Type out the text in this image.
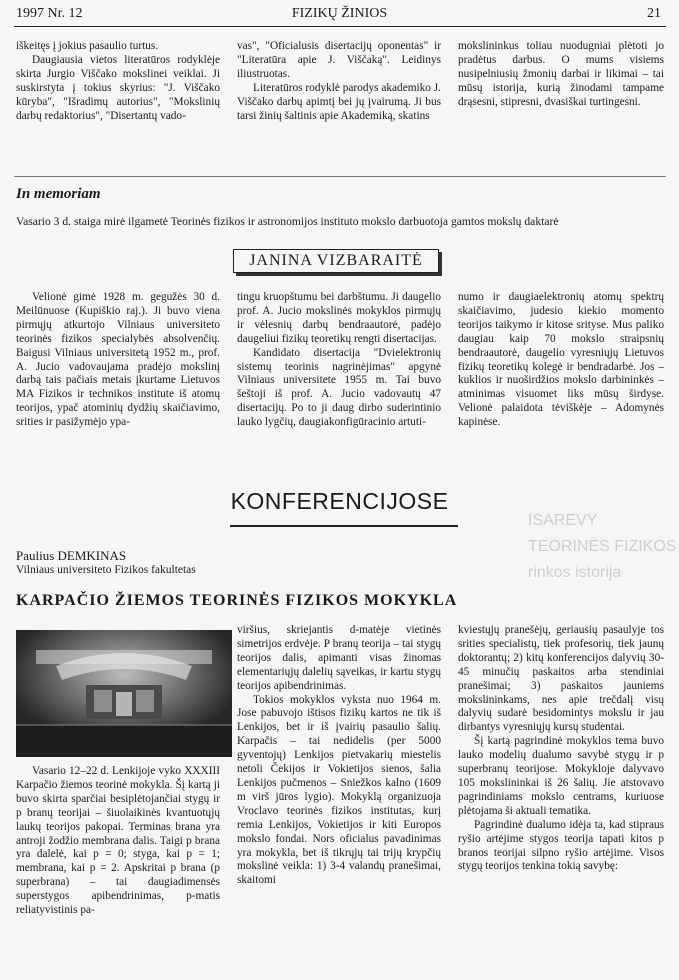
1997 Nr. 12	FIZIKŲ ŽINIOS	21

iškeitęs į jokius pasaulio turtus.

Daugiausia vietos literatūros rodyklėje skirta Jurgio Viščako mokslinei veiklai. Ji suskirstyta į tokius skyrius: "J. Viščako kūryba", "Išradimų autorius", "Mokslinių darbų redaktorius", "Disertantų vado-

vas", "Oficialusis disertacijų oponentas" ir "Literatūra apie J. Viščaką". Leidinys iliustruotas.

Literatūros rodyklė parodys akademiko J. Viščako darbų apimtį bei jų įvairumą. Ji bus tarsi žinių šaltinis apie Akademiką, skatins

mokslininkus toliau nuodugniai plėtoti jo pradėtus darbus. O mums visiems nusipelniusių žmonių darbai ir likimai – tai mūsų istorija, kurią žinodami tampame drąsesni, stipresni, dvasiškai turtingesni.

In memoriam
Vasario 3 d. staiga mirė ilgametė Teorinės fizikos ir astronomijos instituto mokslo darbuotoja gamtos mokslų daktarė
JANINA VIZBARAITĖ

Velionė gimė 1928 m. gegužės 30 d. Meilūnuose (Kupiškio raj.). Ji buvo viena pirmųjų atkurtojo Vilniaus universiteto teorinės fizikos specialybės absolvenčių. Baigusi Vilniaus universitetą 1952 m., prof. A. Jucio vadovaujama pradėjo mokslinį darbą tais pačiais metais įkurtame Lietuvos MA Fizikos ir technikos institute iš atomų teorijos, ypač atominių dydžių skaičiavimo, srities ir pasižymėjo ypa-

tingu kruopštumu bei darbštumu. Ji daugelio prof. A. Jucio mokslinės mokyklos pirmųjų ir vėlesnių darbų bendraautorė, padėjo daugeliui fizikų teoretikų rengti disertacijas.

Kandidato disertacija "Dvielektronių sistemų teorinis nagrinėjimas" apgynė Vilniaus universitete 1955 m. Tai buvo šeštoji iš prof. A. Jucio vadovautų 47 disertacijų. Po to ji daug dirbo suderintinio lauko lygčių, daugiakonfigūracinio artuti-

numo ir daugiaelektronių atomų spektrų skaičiavimo, judesio kiekio momento teorijos taikymo ir kitose srityse. Mus paliko daugiau kaip 70 mokslo straipsnių bendraautorė, daugelio vyresniųjų Lietuvos fizikų teoretikų kolegė ir bendradarbė. Jos – kuklios ir nuoširdžios mokslo darbininkės – atminimas visuomet liks mūsų širdyse. Velionė palaidota tėviškėje – Adomynės kapinėse.

KONFERENCIJOSE
ISAREVY
TEORINĖS FIZIKOS
rinkos istorija
Paulius DEMKINAS
Vilniaus universiteto Fizikos fakultetas
KARPAČIO ŽIEMOS TEORINĖS FIZIKOS MOKYKLA

Vasario 12–22 d. Lenkijoje vyko XXXIII Karpačio žiemos teorinė mokykla. Šį kartą ji buvo skirta sparčiai besiplėtojančiai stygų ir p branų teorijai – šiuolaikinės kvantuotųjų laukų teorijos pakopai. Terminas brana yra antroji žodžio membrana dalis. Taigi p brana yra dalelė, kai p = 0; styga, kai p = 1; membrana, kai p = 2. Apskritai p brana (p superbrana) – tai daugiadimensės superstygos apibendrinimas, p-matis reliatyvistinis pa-

viršius, skriejantis d-matėje vietinės simetrijos erdvėje. P branų teorija – tai stygų teorijos dalis, apimanti visas žinomas elementariųjų dalelių sąveikas, ir kartu stygų teorijos apibendrinimas.

Tokios mokyklos vyksta nuo 1964 m. Jose pabuvojo ištisos fizikų kartos ne tik iš Lenkijos, bet ir iš įvairių pasaulio šalių. Karpačis – tai nedidelis (per 5000 gyventojų) Lenkijos pietvakarių miestelis netoli Čekijos ir Vokietijos sienos, šalia Lenkijos pučmenos – Sniežkos kalno (1609 m virš jūros lygio). Mokyklą organizuoja Vroclavo teorinės fizikos institutas, kurį remia Lenkijos, Vokietijos ir kiti Europos mokslo fondai. Nors oficialus pavadinimas yra mokykla, bet iš tikrųjų tai trijų krypčių mokslinė veikla: 1) 3-4 valandų pranešimai, skaitomi

kviestųjų pranešėjų, geriausių pasaulyje tos srities specialistų, tiek profesorių, tiek jaunų doktorantų; 2) kitų konferencijos dalyvių 30-45 minučių paskaitos arba stendiniai pranešimai; 3) paskaitos jauniems mokslininkams, nes apie trečdalį visų dalyvių sudarė besidomintys mokslu ir jau dirbantys vyresniųjų kursų studentai.

Šį kartą pagrindinė mokyklos tema buvo lauko modelių dualumo savybė stygų ir p superbranų teorijose. Mokykloje dalyvavo 105 mokslininkai iš 26 šalių. Jie atstovavo pagrindiniams mokslo centrams, kuriuose plėtojama ši aktuali tematika.

Pagrindinė dualumo idėja ta, kad stipraus ryšio artėjime stygos teorija tapati kitos p branos teorijai silpno ryšio artėjime. Visos stygų teorijos tenkina tokią savybę:
